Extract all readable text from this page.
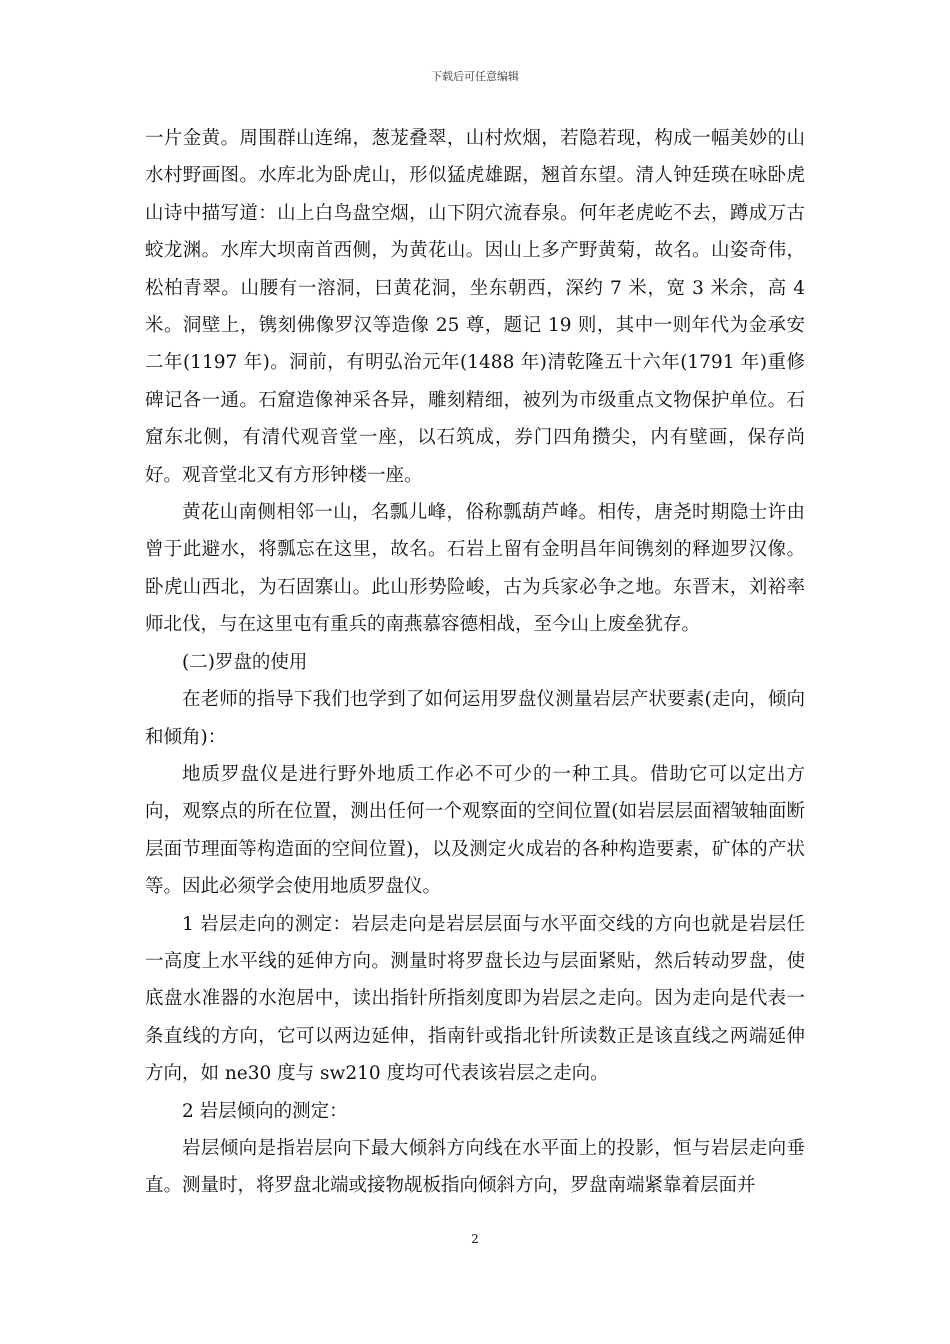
下载后可任意编辑

一片金黄。周围群山连绵，葱茏叠翠，山村炊烟，若隐若现，构成一幅美妙的山水村野画图。水库北为卧虎山，形似猛虎雄踞，翘首东望。清人钟廷瑛在咏卧虎山诗中描写道：山上白鸟盘空烟，山下阴穴流春泉。何年老虎屹不去，蹲成万古蛟龙渊。水库大坝南首西侧，为黄花山。因山上多产野黄菊，故名。山姿奇伟，松柏青翠。山腰有一溶洞，曰黄花洞，坐东朝西，深约 7 米，宽 3 米余，高 4 米。洞壁上，镌刻佛像罗汉等造像 25 尊，题记 19 则，其中一则年代为金承安二年(1197 年)。洞前，有明弘治元年(1488 年)清乾隆五十六年(1791 年)重修碑记各一通。石窟造像神采各异，雕刻精细，被列为市级重点文物保护单位。石窟东北侧，有清代观音堂一座，以石筑成，券门四角攒尖，内有壁画，保存尚好。观音堂北又有方形钟楼一座。

黄花山南侧相邻一山，名瓢儿峰，俗称瓢葫芦峰。相传，唐尧时期隐士许由曾于此避水，将瓢忘在这里，故名。石岩上留有金明昌年间镌刻的释迦罗汉像。卧虎山西北，为石固寨山。此山形势险峻，古为兵家必争之地。东晋末，刘裕率师北伐，与在这里屯有重兵的南燕慕容德相战，至今山上废垒犹存。

(二)罗盘的使用

在老师的指导下我们也学到了如何运用罗盘仪测量岩层产状要素(走向，倾向和倾角)：

地质罗盘仪是进行野外地质工作必不可少的一种工具。借助它可以定出方向，观察点的所在位置，测出任何一个观察面的空间位置(如岩层层面褶皱轴面断层面节理面等构造面的空间位置)，以及测定火成岩的各种构造要素，矿体的产状等。因此必须学会使用地质罗盘仪。

1 岩层走向的测定：岩层走向是岩层层面与水平面交线的方向也就是岩层任一高度上水平线的延伸方向。测量时将罗盘长边与层面紧贴，然后转动罗盘，使底盘水准器的水泡居中，读出指针所指刻度即为岩层之走向。因为走向是代表一条直线的方向，它可以两边延伸，指南针或指北针所读数正是该直线之两端延伸方向，如 ne30 度与 sw210 度均可代表该岩层之走向。

2 岩层倾向的测定：

岩层倾向是指岩层向下最大倾斜方向线在水平面上的投影，恒与岩层走向垂直。测量时，将罗盘北端或接物觇板指向倾斜方向，罗盘南端紧靠着层面并

2
